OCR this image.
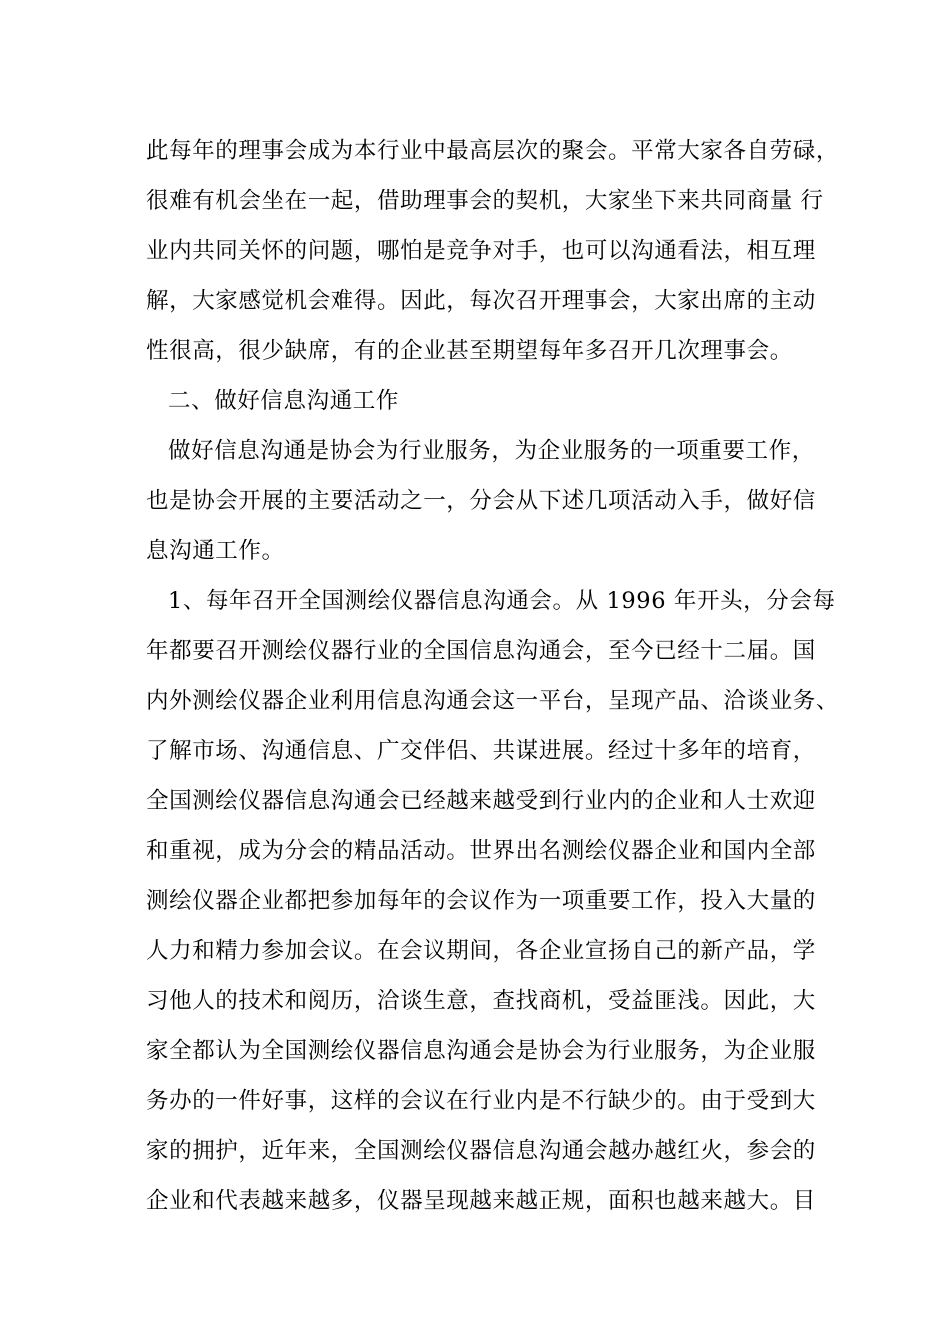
此每年的理事会成为本行业中最高层次的聚会。平常大家各自劳碌，
很难有机会坐在一起，借助理事会的契机，大家坐下来共同商量 行
业内共同关怀的问题，哪怕是竞争对手，也可以沟通看法，相互理
解，大家感觉机会难得。因此，每次召开理事会，大家出席的主动
性很高，很少缺席，有的企业甚至期望每年多召开几次理事会。
二、做好信息沟通工作
做好信息沟通是协会为行业服务，为企业服务的一项重要工作，
也是协会开展的主要活动之一，分会从下述几项活动入手，做好信
息沟通工作。
1、每年召开全国测绘仪器信息沟通会。从 1996 年开头，分会每
年都要召开测绘仪器行业的全国信息沟通会，至今已经十二届。国
内外测绘仪器企业利用信息沟通会这一平台，呈现产品、洽谈业务、
了解市场、沟通信息、广交伴侣、共谋进展。经过十多年的培育，
全国测绘仪器信息沟通会已经越来越受到行业内的企业和人士欢迎
和重视，成为分会的精品活动。世界出名测绘仪器企业和国内全部
测绘仪器企业都把参加每年的会议作为一项重要工作，投入大量的
人力和精力参加会议。在会议期间，各企业宣扬自己的新产品，学
习他人的技术和阅历，洽谈生意，查找商机，受益匪浅。因此，大
家全都认为全国测绘仪器信息沟通会是协会为行业服务，为企业服
务办的一件好事，这样的会议在行业内是不行缺少的。由于受到大
家的拥护，近年来，全国测绘仪器信息沟通会越办越红火，参会的
企业和代表越来越多，仪器呈现越来越正规，面积也越来越大。目
